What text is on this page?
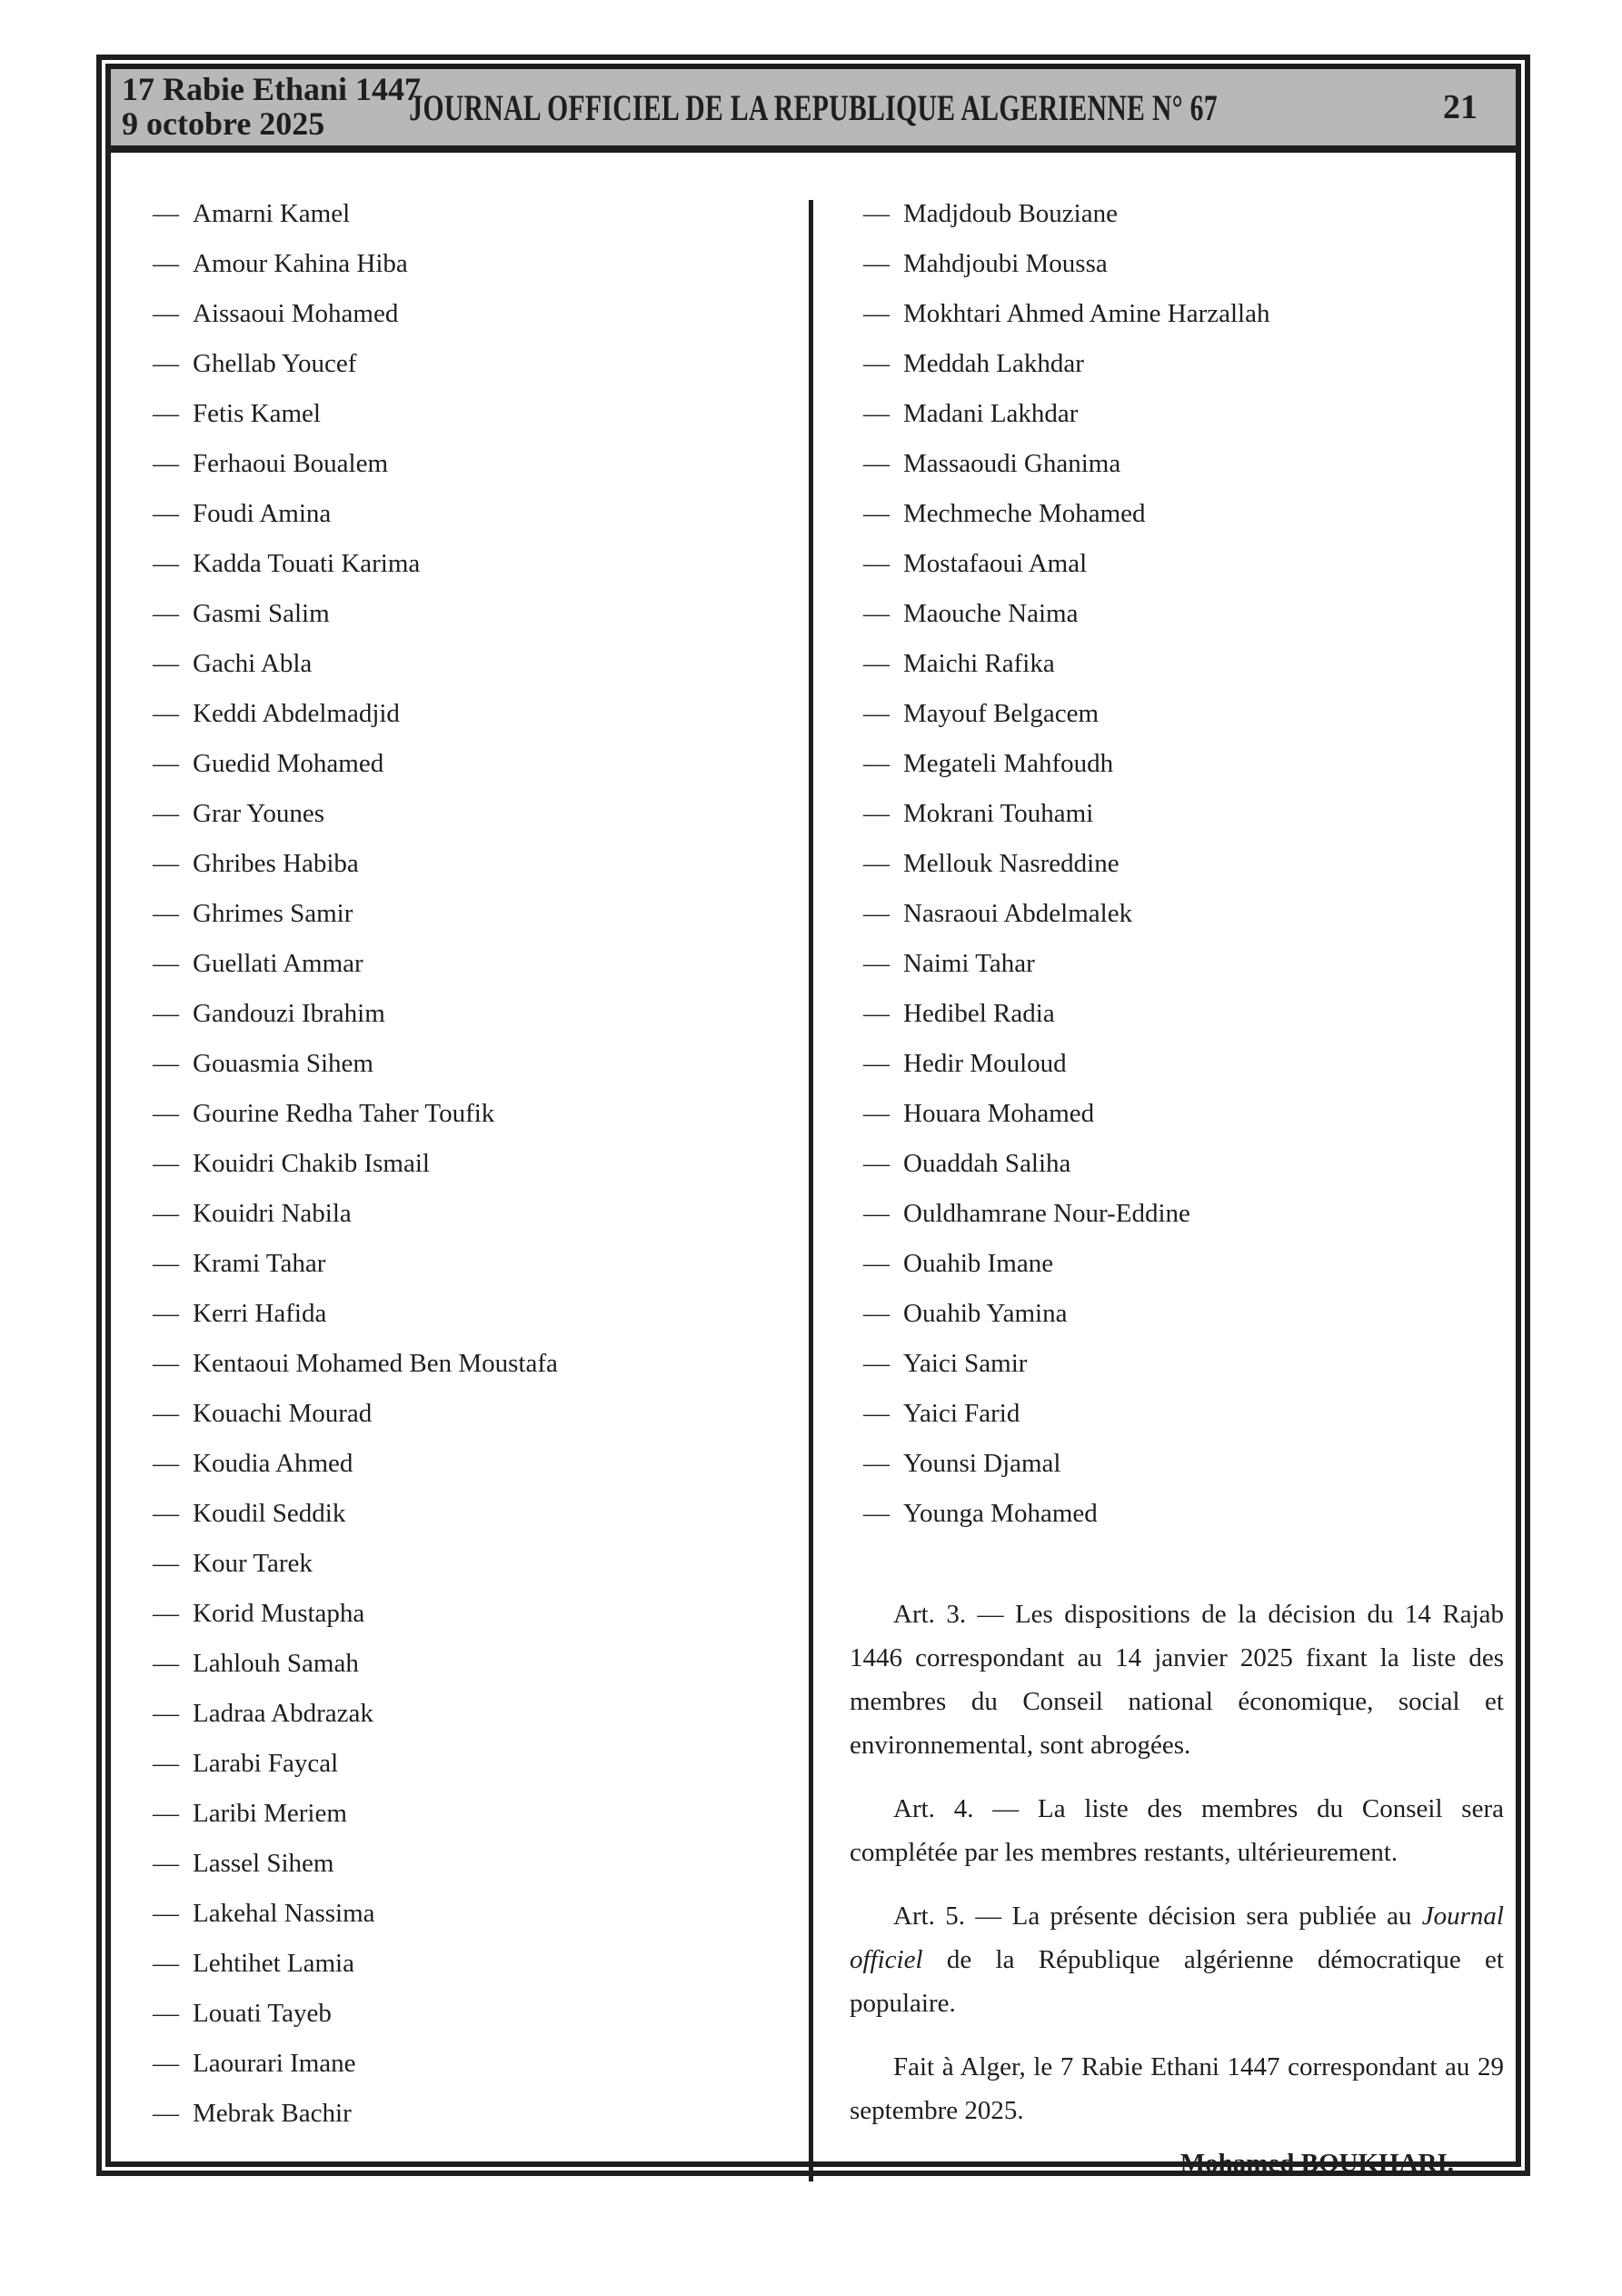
17 Rabie Ethani 1447
9 octobre 2025	JOURNAL OFFICIEL DE LA REPUBLIQUE ALGERIENNE N° 67	21
— Amarni Kamel
— Amour Kahina Hiba
— Aissaoui Mohamed
— Ghellab Youcef
— Fetis Kamel
— Ferhaoui Boualem
— Foudi Amina
— Kadda Touati Karima
— Gasmi Salim
— Gachi Abla
— Keddi Abdelmadjid
— Guedid Mohamed
— Grar Younes
— Ghribes Habiba
— Ghrimes Samir
— Guellati Ammar
— Gandouzi Ibrahim
— Gouasmia Sihem
— Gourine Redha Taher Toufik
— Kouidri Chakib Ismail
— Kouidri Nabila
— Krami Tahar
— Kerri Hafida
— Kentaoui Mohamed Ben Moustafa
— Kouachi Mourad
— Koudia Ahmed
— Koudil Seddik
— Kour Tarek
— Korid Mustapha
— Lahlouh Samah
— Ladraa Abdrazak
— Larabi Faycal
— Laribi Meriem
— Lassel Sihem
— Lakehal Nassima
— Lehtihet Lamia
— Louati Tayeb
— Laourari Imane
— Mebrak Bachir
— Madjdoub Bouziane
— Mahdjoubi Moussa
— Mokhtari Ahmed Amine Harzallah
— Meddah Lakhdar
— Madani Lakhdar
— Massaoudi Ghanima
— Mechmeche Mohamed
— Mostafaoui Amal
— Maouche Naima
— Maichi Rafika
— Mayouf Belgacem
— Megateli Mahfoudh
— Mokrani Touhami
— Mellouk Nasreddine
— Nasraoui Abdelmalek
— Naimi Tahar
— Hedibel Radia
— Hedir Mouloud
— Houara Mohamed
— Ouaddah Saliha
— Ouldhamrane Nour-Eddine
— Ouahib Imane
— Ouahib Yamina
— Yaici Samir
— Yaici Farid
— Younsi Djamal
— Younga Mohamed

Art. 3. — Les dispositions de la décision du 14 Rajab 1446 correspondant au 14 janvier 2025 fixant la liste des membres du Conseil national économique, social et environnemental, sont abrogées.

Art. 4. — La liste des membres du Conseil sera complétée par les membres restants, ultérieurement.

Art. 5. — La présente décision sera publiée au Journal officiel de la République algérienne démocratique et populaire.

Fait à Alger, le 7 Rabie Ethani 1447 correspondant au 29 septembre 2025.

Mohamed BOUKHARI.
